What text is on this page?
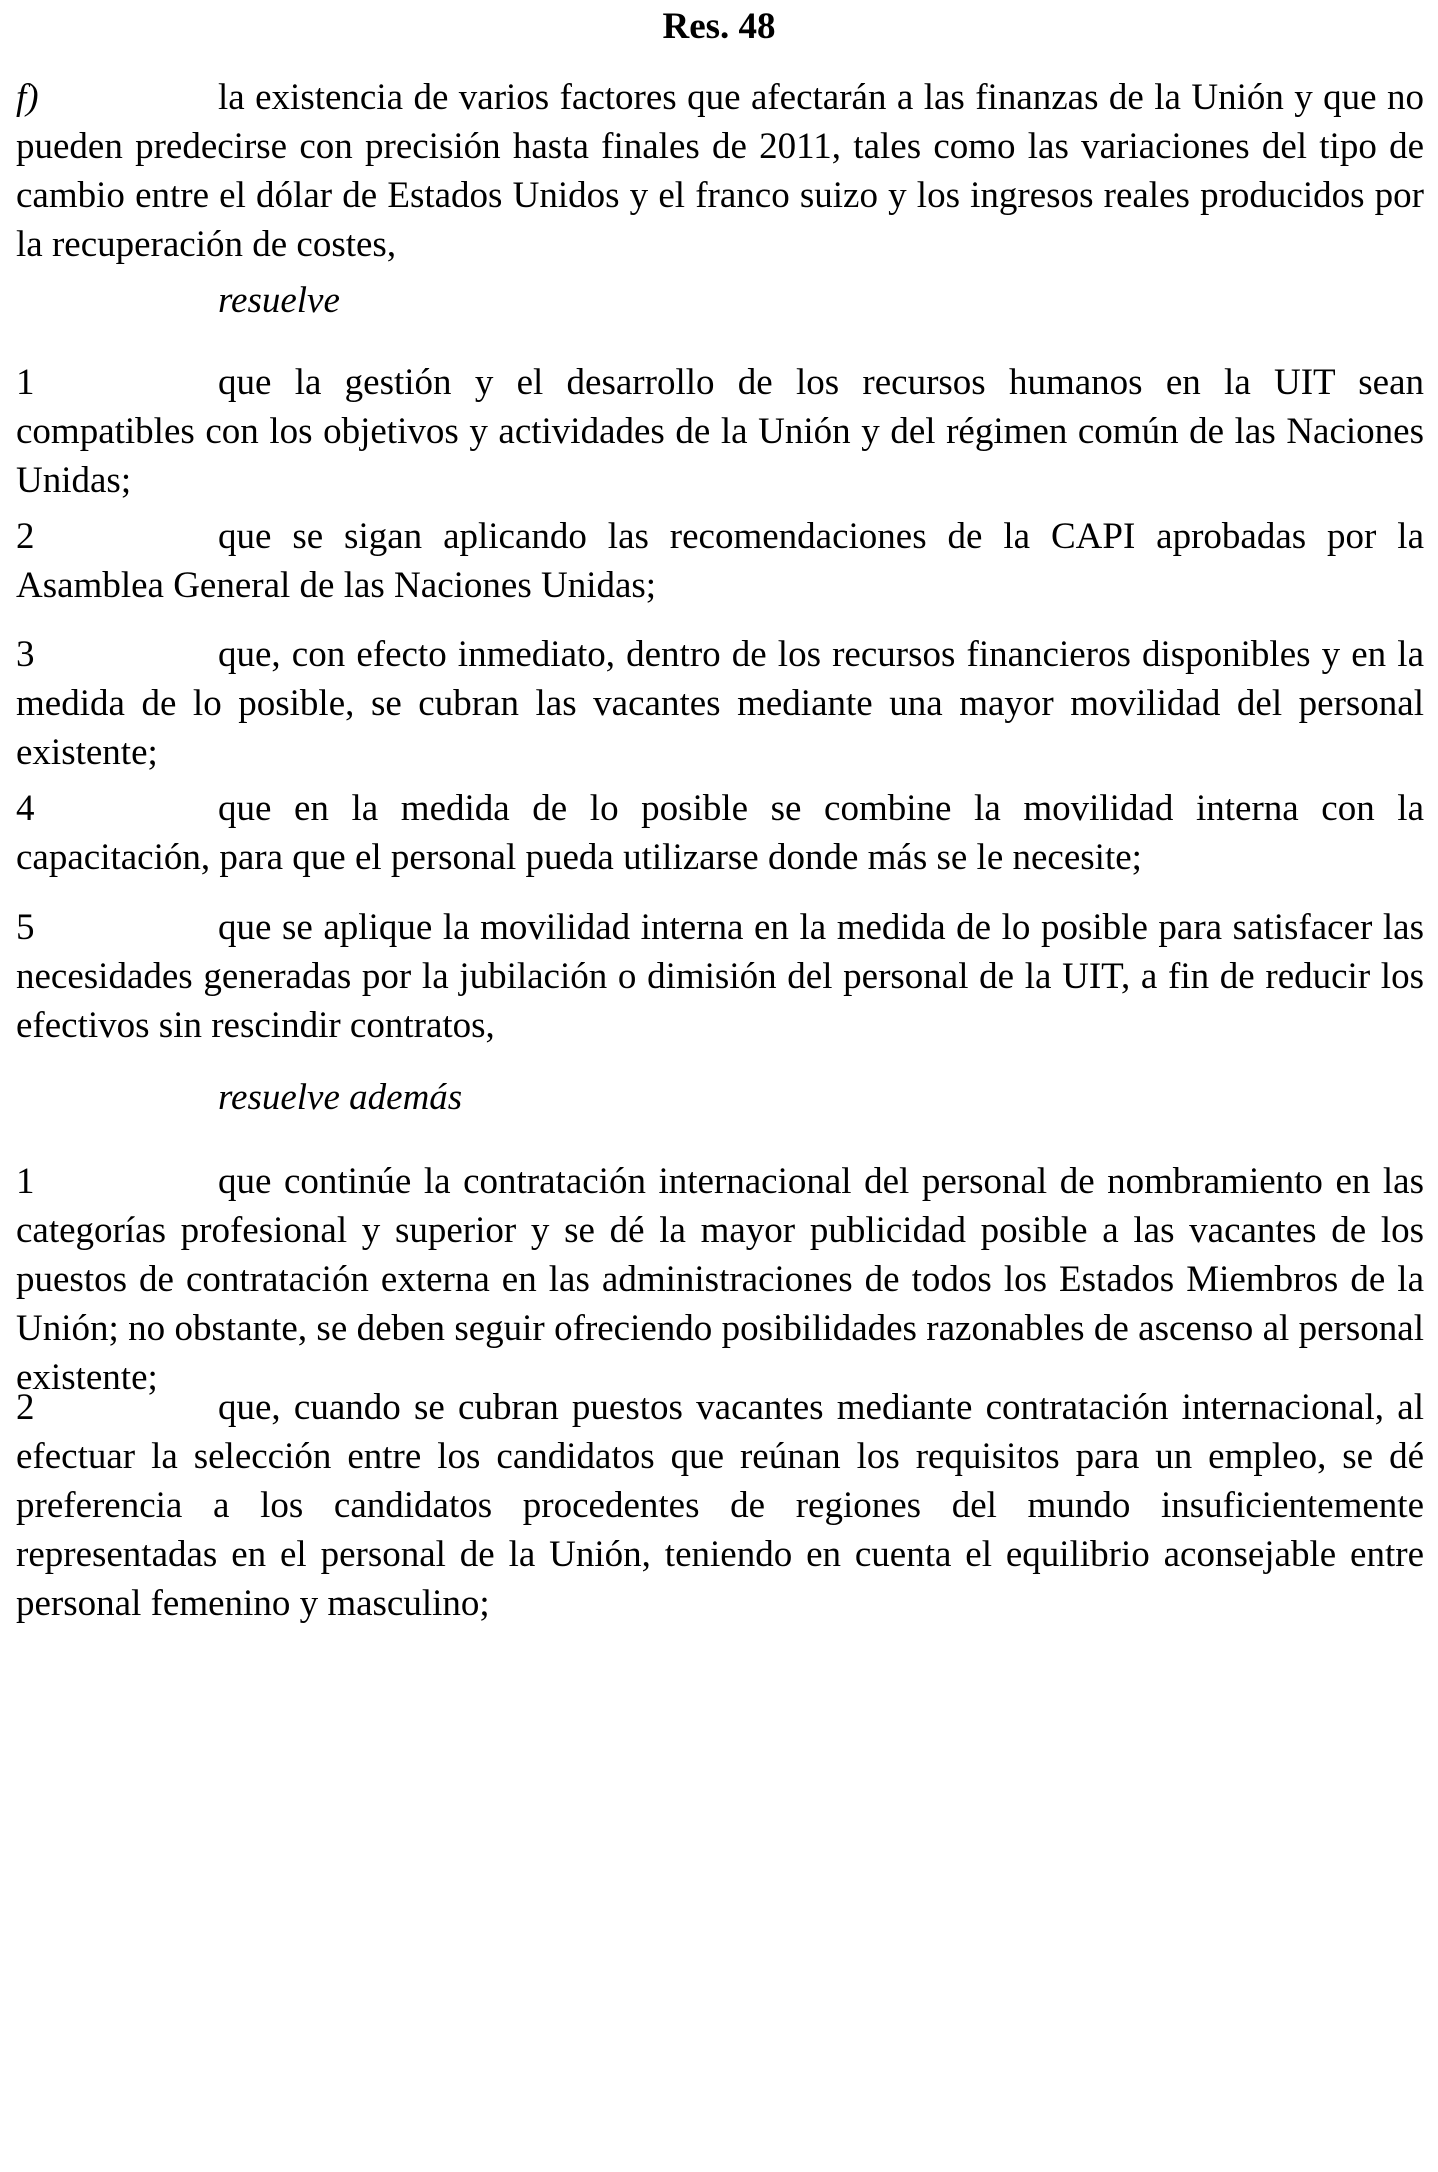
Res. 48
f)	la existencia de varios factores que afectarán a las finanzas de la Unión y que no pueden predecirse con precisión hasta finales de 2011, tales como las variaciones del tipo de cambio entre el dólar de Estados Unidos y el franco suizo y los ingresos reales producidos por la recuperación de costes,
resuelve
1	que la gestión y el desarrollo de los recursos humanos en la UIT sean compatibles con los objetivos y actividades de la Unión y del régimen común de las Naciones Unidas;
2	que se sigan aplicando las recomendaciones de la CAPI aprobadas por la Asamblea General de las Naciones Unidas;
3	que, con efecto inmediato, dentro de los recursos financieros disponibles y en la medida de lo posible, se cubran las vacantes mediante una mayor movilidad del personal existente;
4	que en la medida de lo posible se combine la movilidad interna con la capacitación, para que el personal pueda utilizarse donde más se le necesite;
5	que se aplique la movilidad interna en la medida de lo posible para satisfacer las necesidades generadas por la jubilación o dimisión del personal de la UIT, a fin de reducir los efectivos sin rescindir contratos,
resuelve además
1	que continúe la contratación internacional del personal de nombramiento en las categorías profesional y superior y se dé la mayor publicidad posible a las vacantes de los puestos de contratación externa en las administraciones de todos los Estados Miembros de la Unión; no obstante, se deben seguir ofreciendo posibilidades razonables de ascenso al personal existente;
2	que, cuando se cubran puestos vacantes mediante contratación internacional, al efectuar la selección entre los candidatos que reúnan los requisitos para un empleo, se dé preferencia a los candidatos procedentes de regiones del mundo insuficientemente representadas en el personal de la Unión, teniendo en cuenta el equilibrio aconsejable entre personal femenino y masculino;
